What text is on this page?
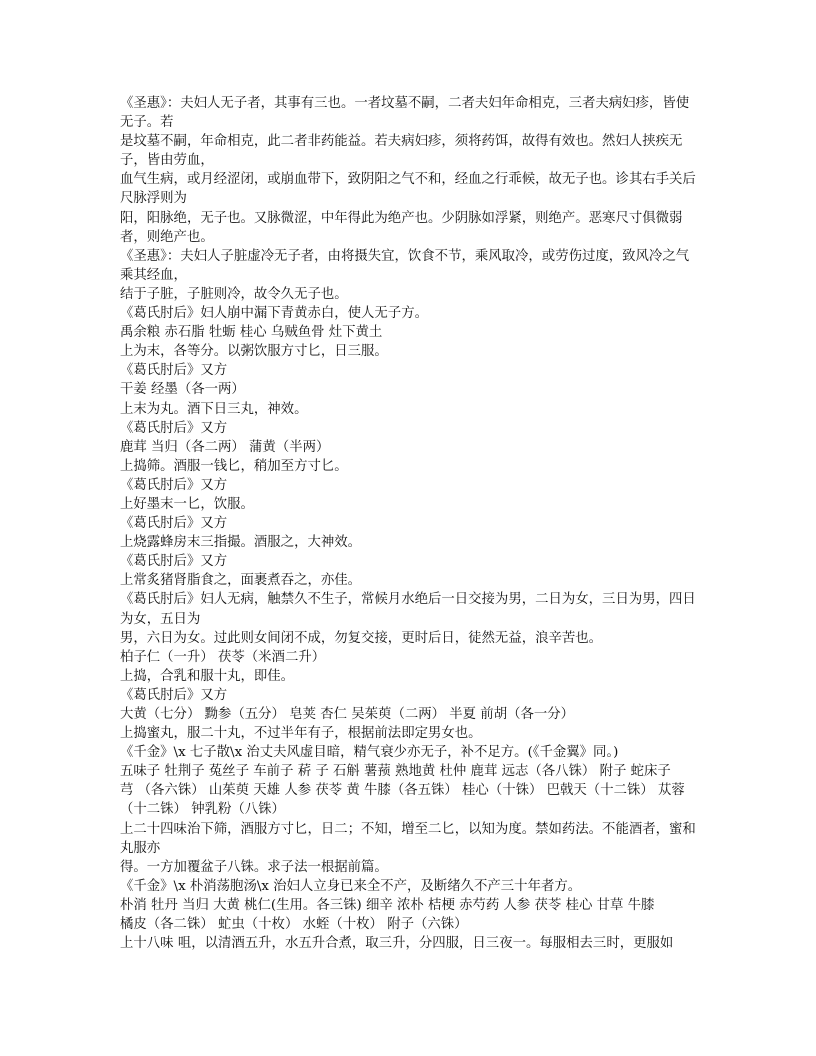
《圣惠》：夫妇人无子者，其事有三也。一者坟墓不嗣，二者夫妇年命相克，三者夫病妇疹，皆使无子。若
是坟墓不嗣，年命相克，此二者非药能益。若夫病妇疹，须将药饵，故得有效也。然妇人挟疾无子，皆由劳血，
血气生病，或月经涩闭，或崩血带下，致阴阳之气不和，经血之行乖候，故无子也。诊其右手关后尺脉浮则为
阳，阳脉绝，无子也。又脉微涩，中年得此为绝产也。少阴脉如浮紧，则绝产。恶寒尺寸俱微弱者，则绝产也。
《圣惠》：夫妇人子脏虚冷无子者，由将摄失宜，饮食不节，乘风取冷，或劳伤过度，致风冷之气乘其经血，
结于子脏，子脏则冷，故令久无子也。
《葛氏肘后》妇人崩中漏下青黄赤白，使人无子方。
禹余粮 赤石脂 牡蛎 桂心 乌贼鱼骨 灶下黄土
上为末，各等分。以粥饮服方寸匕，日三服。
《葛氏肘后》又方
干姜 经墨（各一两）
上末为丸。酒下日三丸，神效。
《葛氏肘后》又方
鹿茸 当归（各二两） 蒲黄（半两）
上捣筛。酒服一钱匕，稍加至方寸匕。
《葛氏肘后》又方
上好墨末一匕，饮服。
《葛氏肘后》又方
上烧露蜂房末三指撮。酒服之，大神效。
《葛氏肘后》又方
上常炙猪肾脂食之，面裹煮吞之，亦佳。
《葛氏肘后》妇人无病，触禁久不生子，常候月水绝后一日交接为男，二日为女，三日为男，四日为女，五日为
男，六日为女。过此则女间闭不成，勿复交接，更时后日，徒然无益，浪辛苦也。
柏子仁（一升） 茯苓（米酒二升）
上捣，合乳和服十丸，即佳。
《葛氏肘后》又方
大黄（七分） 黝参（五分） 皂荚 杏仁 吴茱萸（二两） 半夏 前胡（各一分）
上捣蜜丸，服二十丸，不过半年有子，根据前法即定男女也。
《千金》\x 七子散\x 治丈夫风虚目暗，精气衰少亦无子，补不足方。(《千金翼》同。)
五味子 牡荆子 菟丝子 车前子 菥 子 石斛 薯蓣 熟地黄 杜仲 鹿茸 远志（各八铢） 附子 蛇床子
芎 （各六铢） 山茱萸 天雄 人参 茯苓 黄 牛膝（各五铢） 桂心（十铢） 巴戟天（十二铢） 苁蓉（十二铢） 钟乳粉（八铢）
上二十四味治下筛，酒服方寸匕，日二；不知，增至二匕，以知为度。禁如药法。不能酒者，蜜和丸服亦
得。一方加覆盆子八铢。求子法一根据前篇。
《千金》\x 朴消荡胞汤\x 治妇人立身已来全不产，及断绪久不产三十年者方。
朴消 牡丹 当归 大黄 桃仁(生用。各三铢) 细辛 浓朴 桔梗 赤芍药 人参 茯苓 桂心 甘草 牛膝
橘皮（各二铢） 虻虫（十枚） 水蛭（十枚） 附子（六铢）
上十八味 咀，以清酒五升，水五升合煮，取三升，分四服，日三夜一。每服相去三时，更服如
